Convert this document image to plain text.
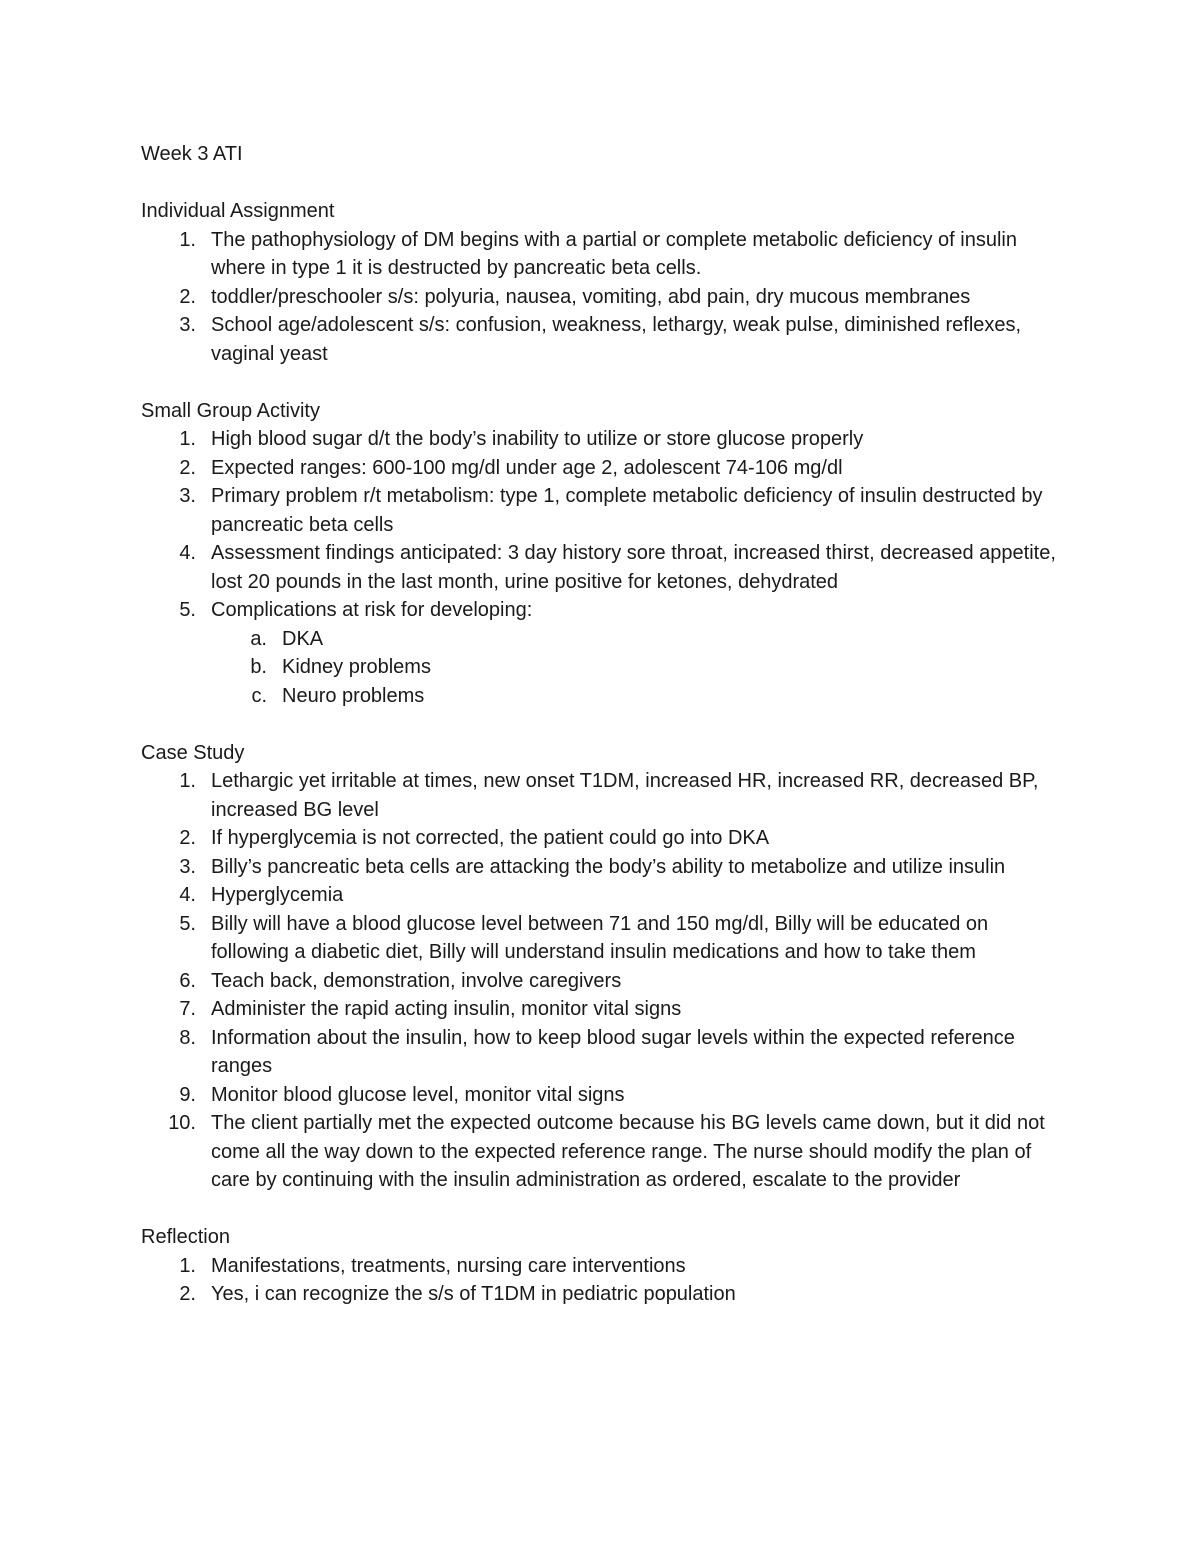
Week 3 ATI

Individual Assignment

1. The pathophysiology of DM begins with a partial or complete metabolic deficiency of insulin where in type 1 it is destructed by pancreatic beta cells.
2. toddler/preschooler s/s: polyuria, nausea, vomiting, abd pain, dry mucous membranes
3. School age/adolescent s/s: confusion, weakness, lethargy, weak pulse, diminished reflexes, vaginal yeast

Small Group Activity

1. High blood sugar d/t the body’s inability to utilize or store glucose properly
2. Expected ranges: 600-100 mg/dl under age 2, adolescent 74-106 mg/dl
3. Primary problem r/t metabolism: type 1, complete metabolic deficiency of insulin destructed by pancreatic beta cells
4. Assessment findings anticipated: 3 day history sore throat, increased thirst, decreased appetite, lost 20 pounds in the last month, urine positive for ketones, dehydrated
5. Complications at risk for developing:
a. DKA
b. Kidney problems
c. Neuro problems

Case Study

1. Lethargic yet irritable at times, new onset T1DM, increased HR, increased RR, decreased BP, increased BG level
2. If hyperglycemia is not corrected, the patient could go into DKA
3. Billy’s pancreatic beta cells are attacking the body’s ability to metabolize and utilize insulin
4. Hyperglycemia
5. Billy will have a blood glucose level between 71 and 150 mg/dl, Billy will be educated on following a diabetic diet, Billy will understand insulin medications and how to take them
6. Teach back, demonstration, involve caregivers
7. Administer the rapid acting insulin, monitor vital signs
8. Information about the insulin, how to keep blood sugar levels within the expected reference ranges
9. Monitor blood glucose level, monitor vital signs
10. The client partially met the expected outcome because his BG levels came down, but it did not come all the way down to the expected reference range. The nurse should modify the plan of care by continuing with the insulin administration as ordered, escalate to the provider

Reflection

1. Manifestations, treatments, nursing care interventions
2. Yes, i can recognize the s/s of T1DM in pediatric population
